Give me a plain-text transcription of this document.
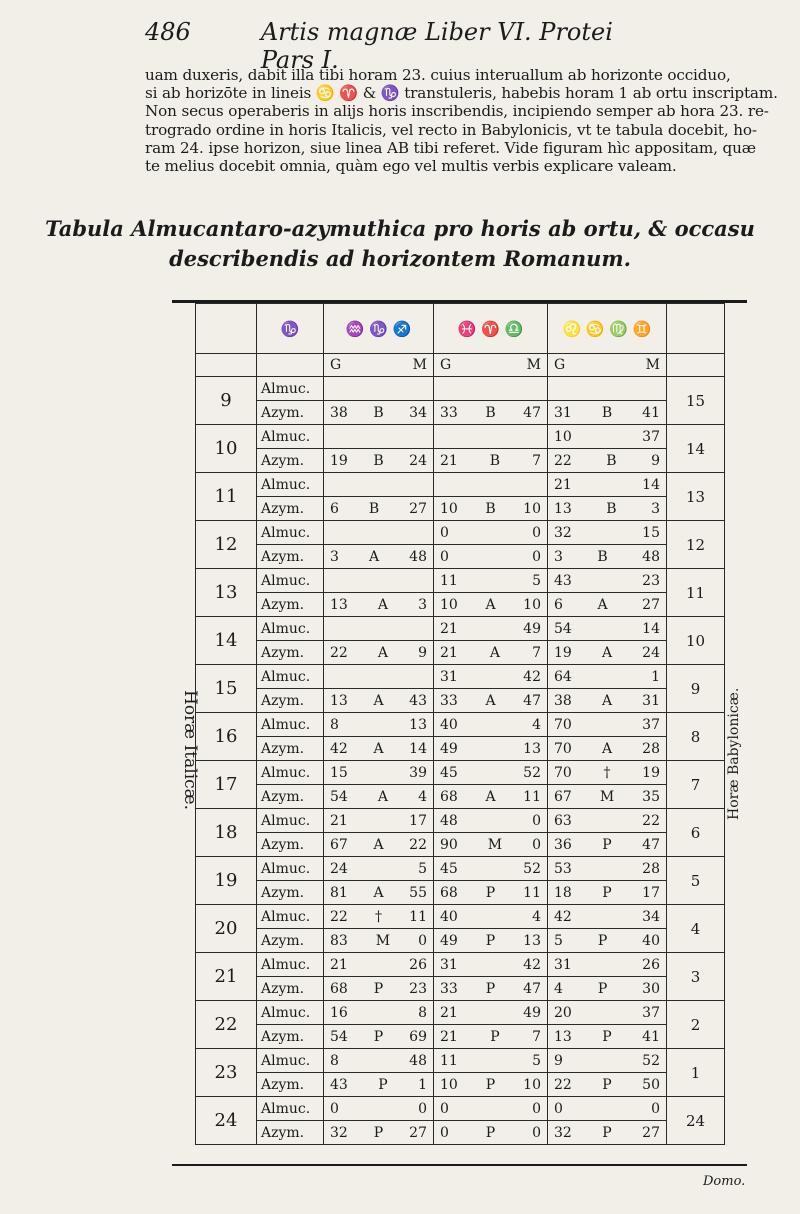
486	Artis magnæ Liber VI. Protei Pars I.
uam duxeris, dabit illa tibi horam 23. cuius interuallum ab horizonte occiduo,
si ab horizōte in lineis ♋ ♈ & ♑ transtuleris, habebis horam 1 ab ortu inscriptam.
Non secus operaberis in alijs horis inscribendis, incipiendo semper ab hora 23. re-
trogrado ordine in horis Italicis, vel recto in Babylonicis, vt te tabula docebit, ho-
ram 24. ipse horizon, siue linea AB tibi referet. Vide figuram hìc appositam, quæ
te melius docebit omnia, quàm ego vel multis verbis explicare valeam.
Tabula Almucantaro-azymuthica pro horis ab ortu, & occasu
describendis ad horizontem Romanum.
Horæ Italicæ.	Horæ Babylonicæ.
	♑	♒ ♑ ♐	♓ ♈ ♎	♌ ♋ ♍ ♊	

		G M	G M	G M	

9	Almuc.				15
	Azym.	38 B 34	33 B 47	31 B 41	

10	Almuc.			10 37	14
	Azym.	19 B 24	21 B 7	22 B 9	

11	Almuc.			21 14	13
	Azym.	6 B 27	10 B 10	13 B 3	

12	Almuc.		0 0	32 15	12
	Azym.	3 A 48	0 0	3 B 48	

13	Almuc.		11 5	43 23	11
	Azym.	13 A 3	10 A 10	6 A 27	

14	Almuc.		21 49	54 14	10
	Azym.	22 A 9	21 A 7	19 A 24	

15	Almuc.		31 42	64 1	9
	Azym.	13 A 43	33 A 47	38 A 31	

16	Almuc.	8 13	40 4	70 37	8
	Azym.	42 A 14	49 13	70 A 28	

17	Almuc.	15 39	45 52	70 † 19	7
	Azym.	54 A 4	68 A 11	67 M 35	

18	Almuc.	21 17	48 0	63 22	6
	Azym.	67 A 22	90 M 0	36 P 47	

19	Almuc.	24 5	45 52	53 28	5
	Azym.	81 A 55	68 P 11	18 P 17	

20	Almuc.	22 † 11	40 4	42 34	4
	Azym.	83 M 0	49 P 13	5 P 40	

21	Almuc.	21 26	31 42	31 26	3
	Azym.	68 P 23	33 P 47	4 P 30	

22	Almuc.	16 8	21 49	20 37	2
	Azym.	54 P 69	21 P 7	13 P 41	

23	Almuc.	8 48	11 5	9 52	1
	Azym.	43 P 1	10 P 10	22 P 50	

24	Almuc.	0 0	0 0	0 0	24
	Azym.	32 P 27	0 P 0	32 P 27	
Domo.
